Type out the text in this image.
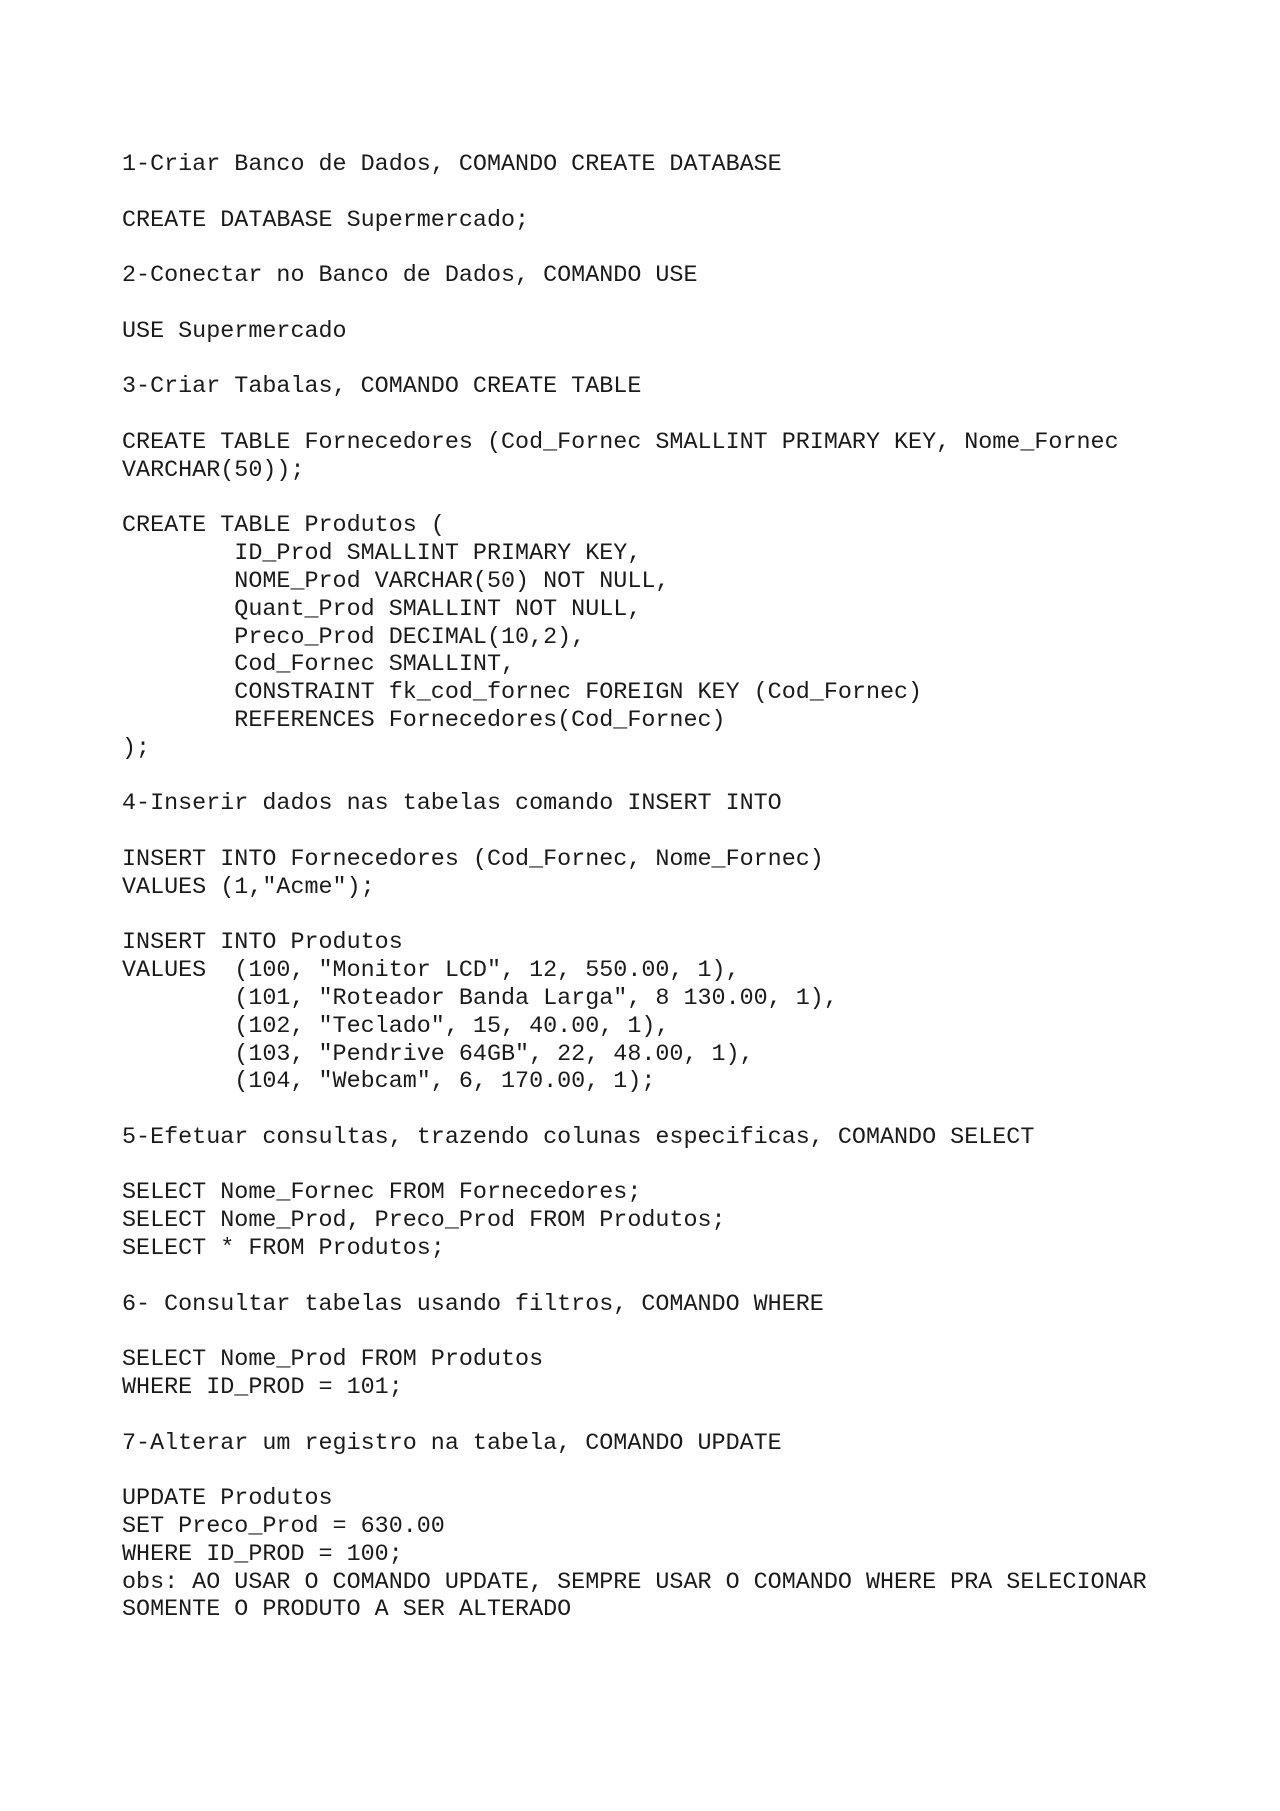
1-Criar Banco de Dados, COMANDO CREATE DATABASE
CREATE DATABASE Supermercado;
2-Conectar no Banco de Dados, COMANDO USE
USE Supermercado
3-Criar Tabalas, COMANDO CREATE TABLE
CREATE TABLE Fornecedores (Cod_Fornec SMALLINT PRIMARY KEY, Nome_Fornec
VARCHAR(50));
CREATE TABLE Produtos (
ID_Prod SMALLINT PRIMARY KEY,
NOME_Prod VARCHAR(50) NOT NULL,
Quant_Prod SMALLINT NOT NULL,
Preco_Prod DECIMAL(10,2),
Cod_Fornec SMALLINT,
CONSTRAINT fk_cod_fornec FOREIGN KEY (Cod_Fornec)
REFERENCES Fornecedores(Cod_Fornec)
);
4-Inserir dados nas tabelas comando INSERT INTO
INSERT INTO Fornecedores (Cod_Fornec, Nome_Fornec)
VALUES (1,"Acme");
INSERT INTO Produtos
VALUES  (100, "Monitor LCD", 12, 550.00, 1),
(101, "Roteador Banda Larga", 8 130.00, 1),
(102, "Teclado", 15, 40.00, 1),
(103, "Pendrive 64GB", 22, 48.00, 1),
(104, "Webcam", 6, 170.00, 1);
5-Efetuar consultas, trazendo colunas especificas, COMANDO SELECT
SELECT Nome_Fornec FROM Fornecedores;
SELECT Nome_Prod, Preco_Prod FROM Produtos;
SELECT * FROM Produtos;
6- Consultar tabelas usando filtros, COMANDO WHERE
SELECT Nome_Prod FROM Produtos
WHERE ID_PROD = 101;
7-Alterar um registro na tabela, COMANDO UPDATE
UPDATE Produtos
SET Preco_Prod = 630.00
WHERE ID_PROD = 100;
obs: AO USAR O COMANDO UPDATE, SEMPRE USAR O COMANDO WHERE PRA SELECIONAR
SOMENTE O PRODUTO A SER ALTERADO
